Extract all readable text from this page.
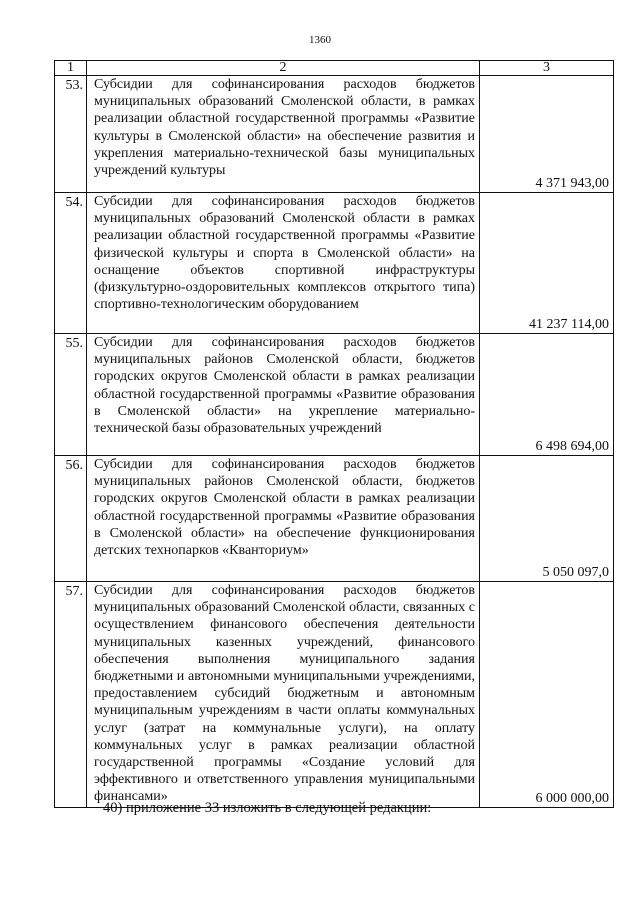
1360
1	2	3
53.	Субсидии для софинансирования расходов бюджетов муниципальных образований Смоленской области, в рамках реализации областной государственной программы «Развитие культуры в Смоленской области» на обеспечение развития и укрепления материально-технической базы муниципальных учреждений культуры	4 371 943,00
54.	Субсидии для софинансирования расходов бюджетов муниципальных образований Смоленской области в рамках реализации областной государственной программы «Развитие физической культуры и спорта в Смоленской области» на оснащение объектов спортивной инфраструктуры (физкультурно-оздоровительных комплексов открытого типа) спортивно-технологическим оборудованием	41 237 114,00
55.	Субсидии для софинансирования расходов бюджетов муниципальных районов Смоленской области, бюджетов городских округов Смоленской области в рамках реализации областной государственной программы «Развитие образования в Смоленской области» на укрепление материально-технической базы образовательных учреждений	6 498 694,00
56.	Субсидии для софинансирования расходов бюджетов муниципальных районов Смоленской области, бюджетов городских округов Смоленской области в рамках реализации областной государственной программы «Развитие образования в Смоленской области» на обеспечение функционирования детских технопарков «Кванториум»	5 050 097,0
57.	Субсидии для софинансирования расходов бюджетов муниципальных образований Смоленской области, связанных с осуществлением финансового обеспечения деятельности муниципальных казенных учреждений, финансового обеспечения выполнения муниципального задания бюджетными и автономными муниципальными учреждениями, предоставлением субсидий бюджетным и автономным муниципальным учреждениям в части оплаты коммунальных услуг (затрат на коммунальные услуги), на оплату коммунальных услуг в рамках реализации областной государственной программы «Создание условий для эффективного и ответственного управления муниципальными финансами»	6 000 000,00
40) приложение 33 изложить в следующей редакции:
